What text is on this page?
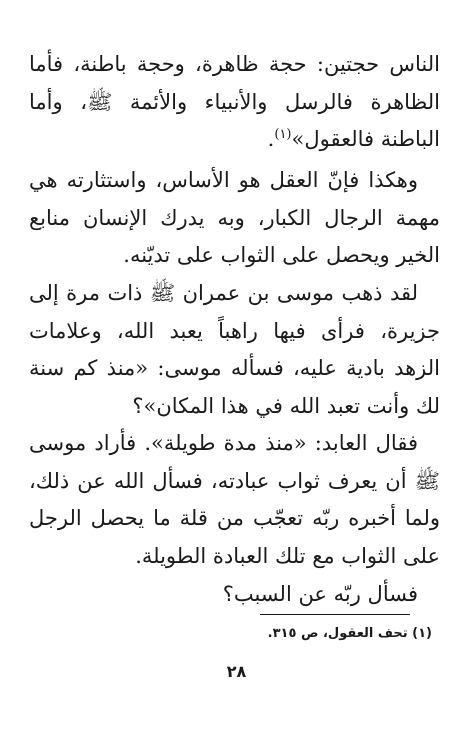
الناس حجتين: حجة ظاهرة، وحجة باطنة، فأما الظاهرة فالرسل والأنبياء والأئمة ﷺ، وأما الباطنة فالعقول»$^{(١)}$.

وهكذا فإنّ العقل هو الأساس، واستثارته هي مهمة الرجال الكبار، وبه يدرك الإنسان منابع الخير ويحصل على الثواب على تديّنه.

لقد ذهب موسى بن عمران ﷺ ذات مرة إلى جزيرة، فرأى فيها راهباً يعبد الله، وعلامات الزهد بادية عليه، فسأله موسى: «منذ كم سنة لك وأنت تعبد الله في هذا المكان»؟

فقال العابد: «منذ مدة طويلة». فأراد موسى ﷺ أن يعرف ثواب عبادته، فسأل الله عن ذلك، ولما أخبره ربّه تعجّب من قلة ما يحصل الرجل على الثواب مع تلك العبادة الطويلة.

فسأل ربّه عن السبب؟

(١) تحف العقول، ص ٣١٥.
٢٨
